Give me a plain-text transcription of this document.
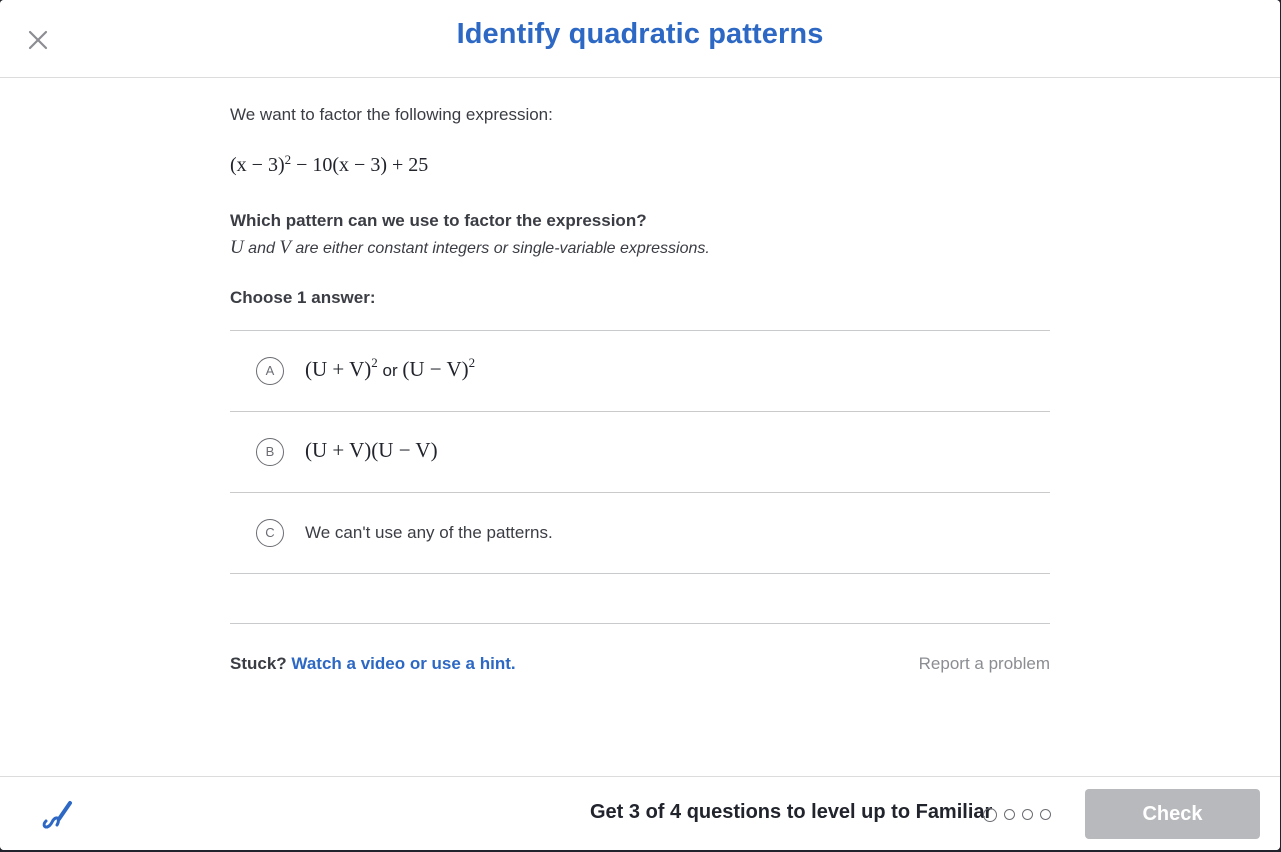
Identify quadratic patterns
We want to factor the following expression:
$(x - 3)^2 - 10(x - 3) + 25$
Which pattern can we use to factor the expression?
U and V are either constant integers or single-variable expressions.
Choose 1 answer:
A	$(U + V)^2$ or $(U - V)^2$
B	(U + V)(U − V)
C	We can't use any of the patterns.
Stuck? Watch a video or use a hint.	Report a problem
Get 3 of 4 questions to level up to Familiar	Check
